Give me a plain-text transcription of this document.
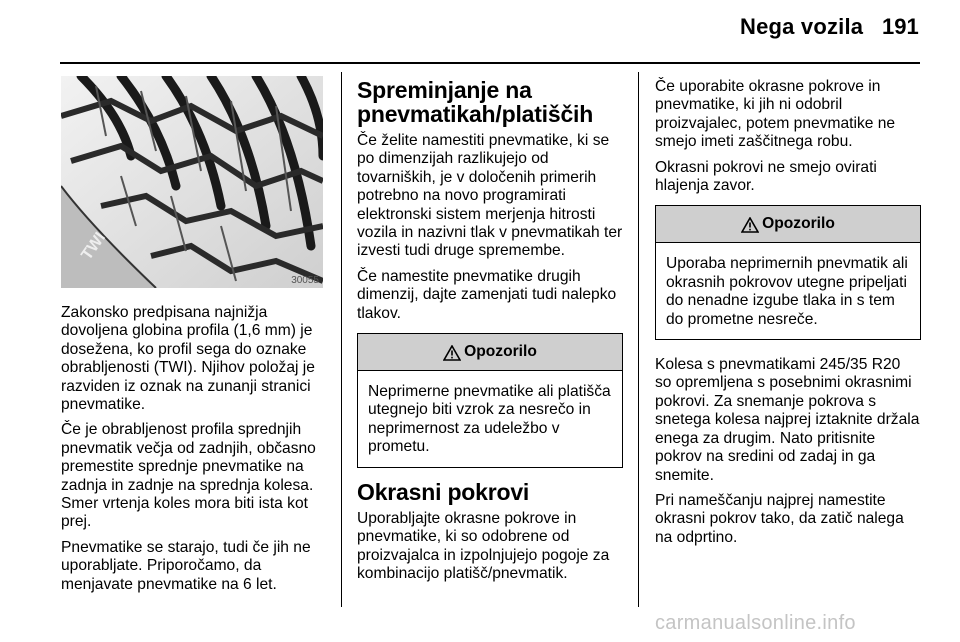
Nega vozila 191
TWI
30055

Zakonsko predpisana najnižja dovoljena globina profila (1,6 mm) je dosežena, ko profil sega do oznake obrabljenosti (TWI). Njihov položaj je razviden iz oznak na zunanji stranici pnevmatike.

Če je obrabljenost profila sprednjih pnevmatik večja od zadnjih, občasno premestite sprednje pnevmatike na zadnja in zadnje na sprednja kolesa. Smer vrtenja koles mora biti ista kot prej.

Pnevmatike se starajo, tudi če jih ne uporabljate. Priporočamo, da menjavate pnevmatike na 6 let.

Spreminjanje na pnevmatikah/platiščih

Če želite namestiti pnevmatike, ki se po dimenzijah razlikujejo od tovarniških, je v določenih primerih potrebno na novo programirati elektronski sistem merjenja hitrosti vozila in nazivni tlak v pnevmatikah ter izvesti tudi druge spremembe.

Če namestite pnevmatike drugih dimenzij, dajte zamenjati tudi nalepko tlakov.

Opozorilo
Neprimerne pnevmatike ali platišča utegnejo biti vzrok za nesrečo in neprimernost za udeležbo v prometu.
Okrasni pokrovi

Uporabljajte okrasne pokrove in pnevmatike, ki so odobrene od proizvajalca in izpolnjujejo pogoje za kombinacijo platišč/pnevmatik.

Če uporabite okrasne pokrove in pnevmatike, ki jih ni odobril proizvajalec, potem pnevmatike ne smejo imeti zaščitnega robu.

Okrasni pokrovi ne smejo ovirati hlajenja zavor.

Opozorilo
Uporaba neprimernih pnevmatik ali okrasnih pokrovov utegne pripeljati do nenadne izgube tlaka in s tem do prometne nesreče.

Kolesa s pnevmatikami 245/35 R20 so opremljena s posebnimi okrasnimi pokrovi. Za snemanje pokrova s snetega kolesa najprej iztaknite držala enega za drugim. Nato pritisnite pokrov na sredini od zadaj in ga snemite.

Pri nameščanju najprej namestite okrasni pokrov tako, da zatič nalega na odprtino.

carmanualsonline.info
